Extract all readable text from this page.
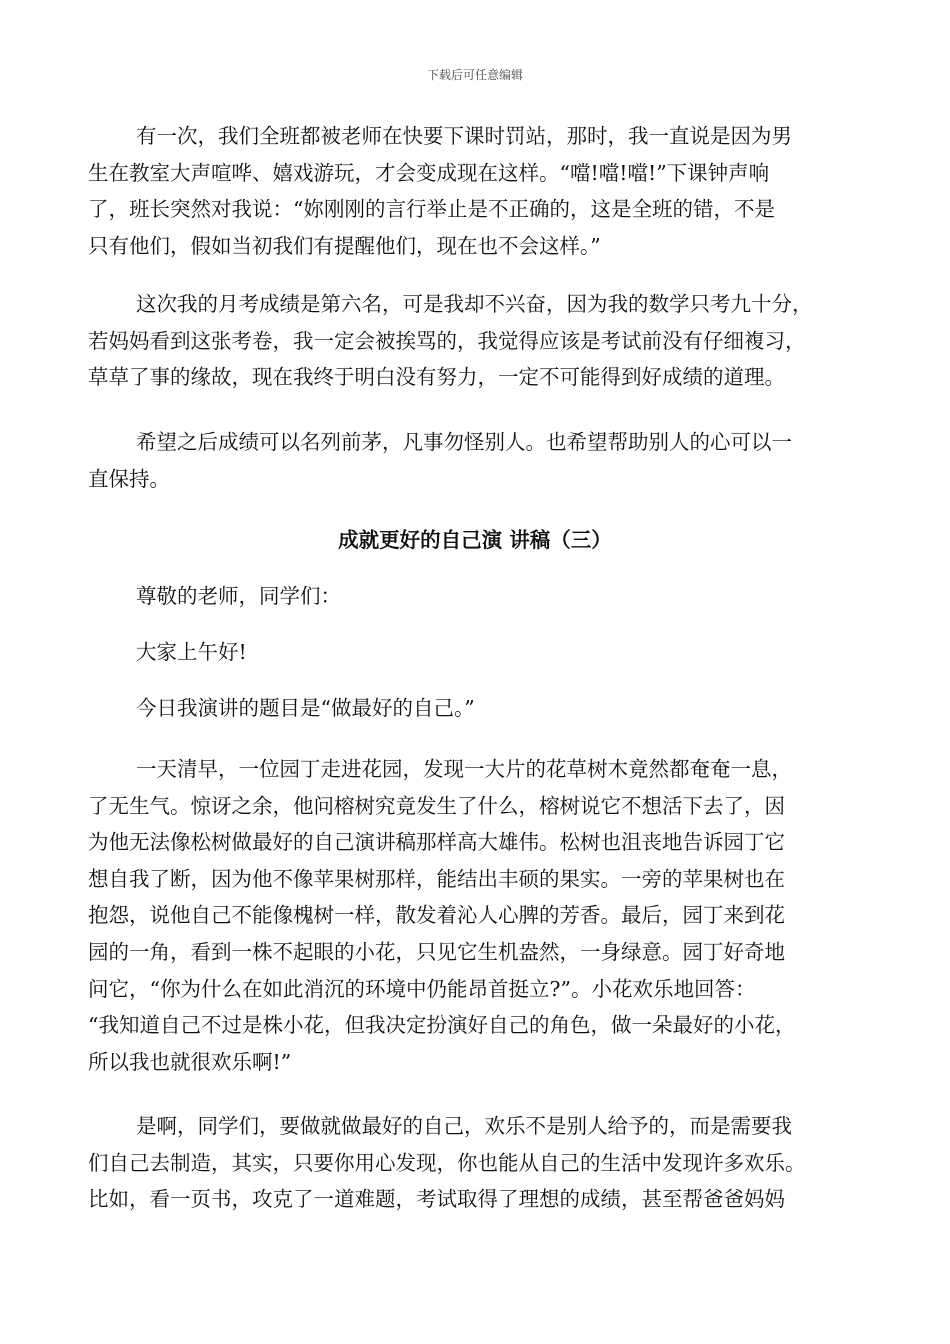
下载后可任意编辑
有一次，我们全班都被老师在快要下课时罚站，那时，我一直说是因为男
生在教室大声喧哗、嬉戏游玩，才会变成现在这样。“噹!噹!噹!”下课钟声响
了，班长突然对我说：“妳刚刚的言行举止是不正确的，这是全班的错，不是
只有他们，假如当初我们有提醒他们，现在也不会这样。”
这次我的月考成绩是第六名，可是我却不兴奋，因为我的数学只考九十分，
若妈妈看到这张考卷，我一定会被挨骂的，我觉得应该是考试前没有仔细複习，
草草了事的缘故，现在我终于明白没有努力，一定不可能得到好成绩的道理。
希望之后成绩可以名列前茅，凡事勿怪别人。也希望帮助别人的心可以一
直保持。
成就更好的自己演 讲稿（三）
尊敬的老师，同学们：
大家上午好!
今日我演讲的题目是“做最好的自己。”
一天清早，一位园丁走进花园，发现一大片的花草树木竟然都奄奄一息，
了无生气。惊讶之余，他问榕树究竟发生了什么，榕树说它不想活下去了，因
为他无法像松树做最好的自己演讲稿那样高大雄伟。松树也沮丧地告诉园丁它
想自我了断，因为他不像苹果树那样，能结出丰硕的果实。一旁的苹果树也在
抱怨，说他自己不能像槐树一样，散发着沁人心脾的芳香。最后，园丁来到花
园的一角，看到一株不起眼的小花，只见它生机盎然，一身绿意。园丁好奇地
问它，“你为什么在如此消沉的环境中仍能昂首挺立?”。小花欢乐地回答：
“我知道自己不过是株小花，但我决定扮演好自己的角色，做一朵最好的小花，
所以我也就很欢乐啊!”
是啊，同学们，要做就做最好的自己，欢乐不是别人给予的，而是需要我
们自己去制造，其实，只要你用心发现，你也能从自己的生活中发现许多欢乐。
比如，看一页书，攻克了一道难题，考试取得了理想的成绩，甚至帮爸爸妈妈
